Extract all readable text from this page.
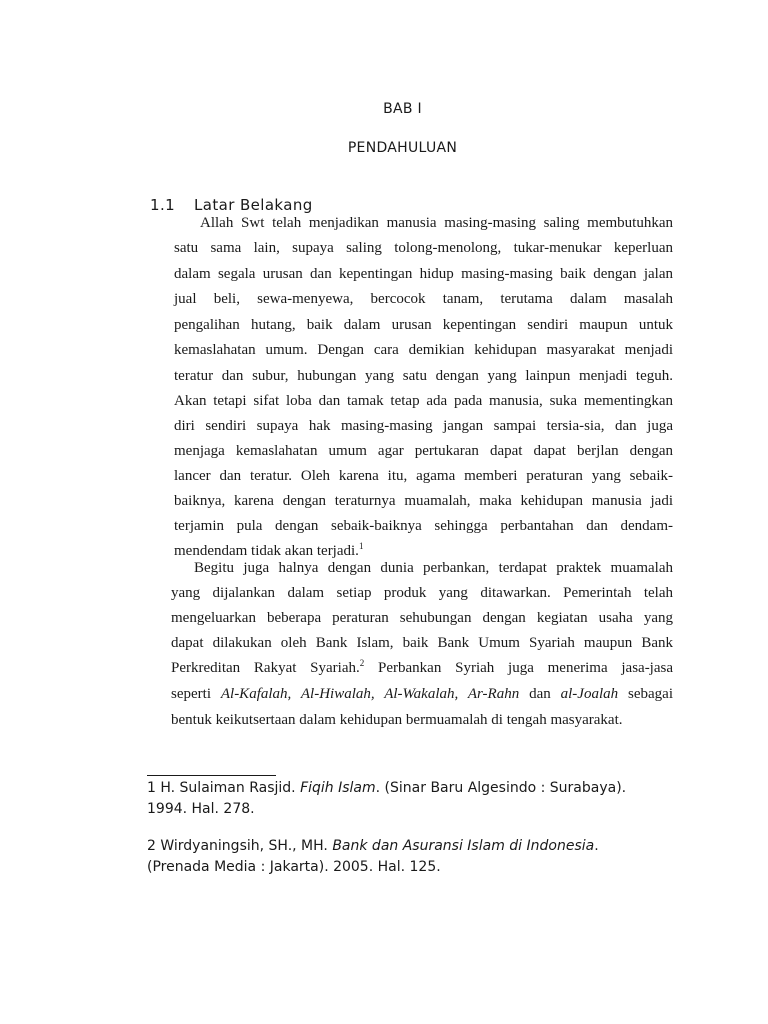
BAB I
PENDAHULUAN
1.1 Latar Belakang
Allah Swt telah menjadikan manusia masing-masing saling membutuhkan
satu sama lain, supaya saling tolong-menolong, tukar-menukar keperluan
dalam segala urusan dan kepentingan hidup masing-masing baik dengan jalan
jual beli, sewa-menyewa, bercocok tanam, terutama dalam masalah
pengalihan hutang, baik dalam urusan kepentingan sendiri maupun untuk
kemaslahatan umum. Dengan cara demikian kehidupan masyarakat menjadi
teratur dan subur, hubungan yang satu dengan yang lainpun menjadi teguh.
Akan tetapi sifat loba dan tamak tetap ada pada manusia, suka mementingkan
diri sendiri supaya hak masing-masing jangan sampai tersia-sia, dan juga
menjaga kemaslahatan umum agar pertukaran dapat dapat berjlan dengan
lancer dan teratur. Oleh karena itu, agama memberi peraturan yang sebaik-
baiknya, karena dengan teraturnya muamalah, maka kehidupan manusia jadi
terjamin pula dengan sebaik-baiknya sehingga perbantahan dan dendam-
mendendam tidak akan terjadi.$^1$
Begitu juga halnya dengan dunia perbankan, terdapat praktek muamalah
yang dijalankan dalam setiap produk yang ditawarkan. Pemerintah telah
mengeluarkan beberapa peraturan sehubungan dengan kegiatan usaha yang
dapat dilakukan oleh Bank Islam, baik Bank Umum Syariah maupun Bank
Perkreditan Rakyat Syariah.$^2$ Perbankan Syriah juga menerima jasa-jasa
seperti Al-Kafalah, Al-Hiwalah, Al-Wakalah, Ar-Rahn dan al-Joalah sebagai
bentuk keikutsertaan dalam kehidupan bermuamalah di tengah masyarakat.
1 H. Sulaiman Rasjid. Fiqih Islam. (Sinar Baru Algesindo : Surabaya).
1994. Hal. 278.
2 Wirdyaningsih, SH., MH. Bank dan Asuransi Islam di Indonesia.
(Prenada Media : Jakarta). 2005. Hal. 125.
